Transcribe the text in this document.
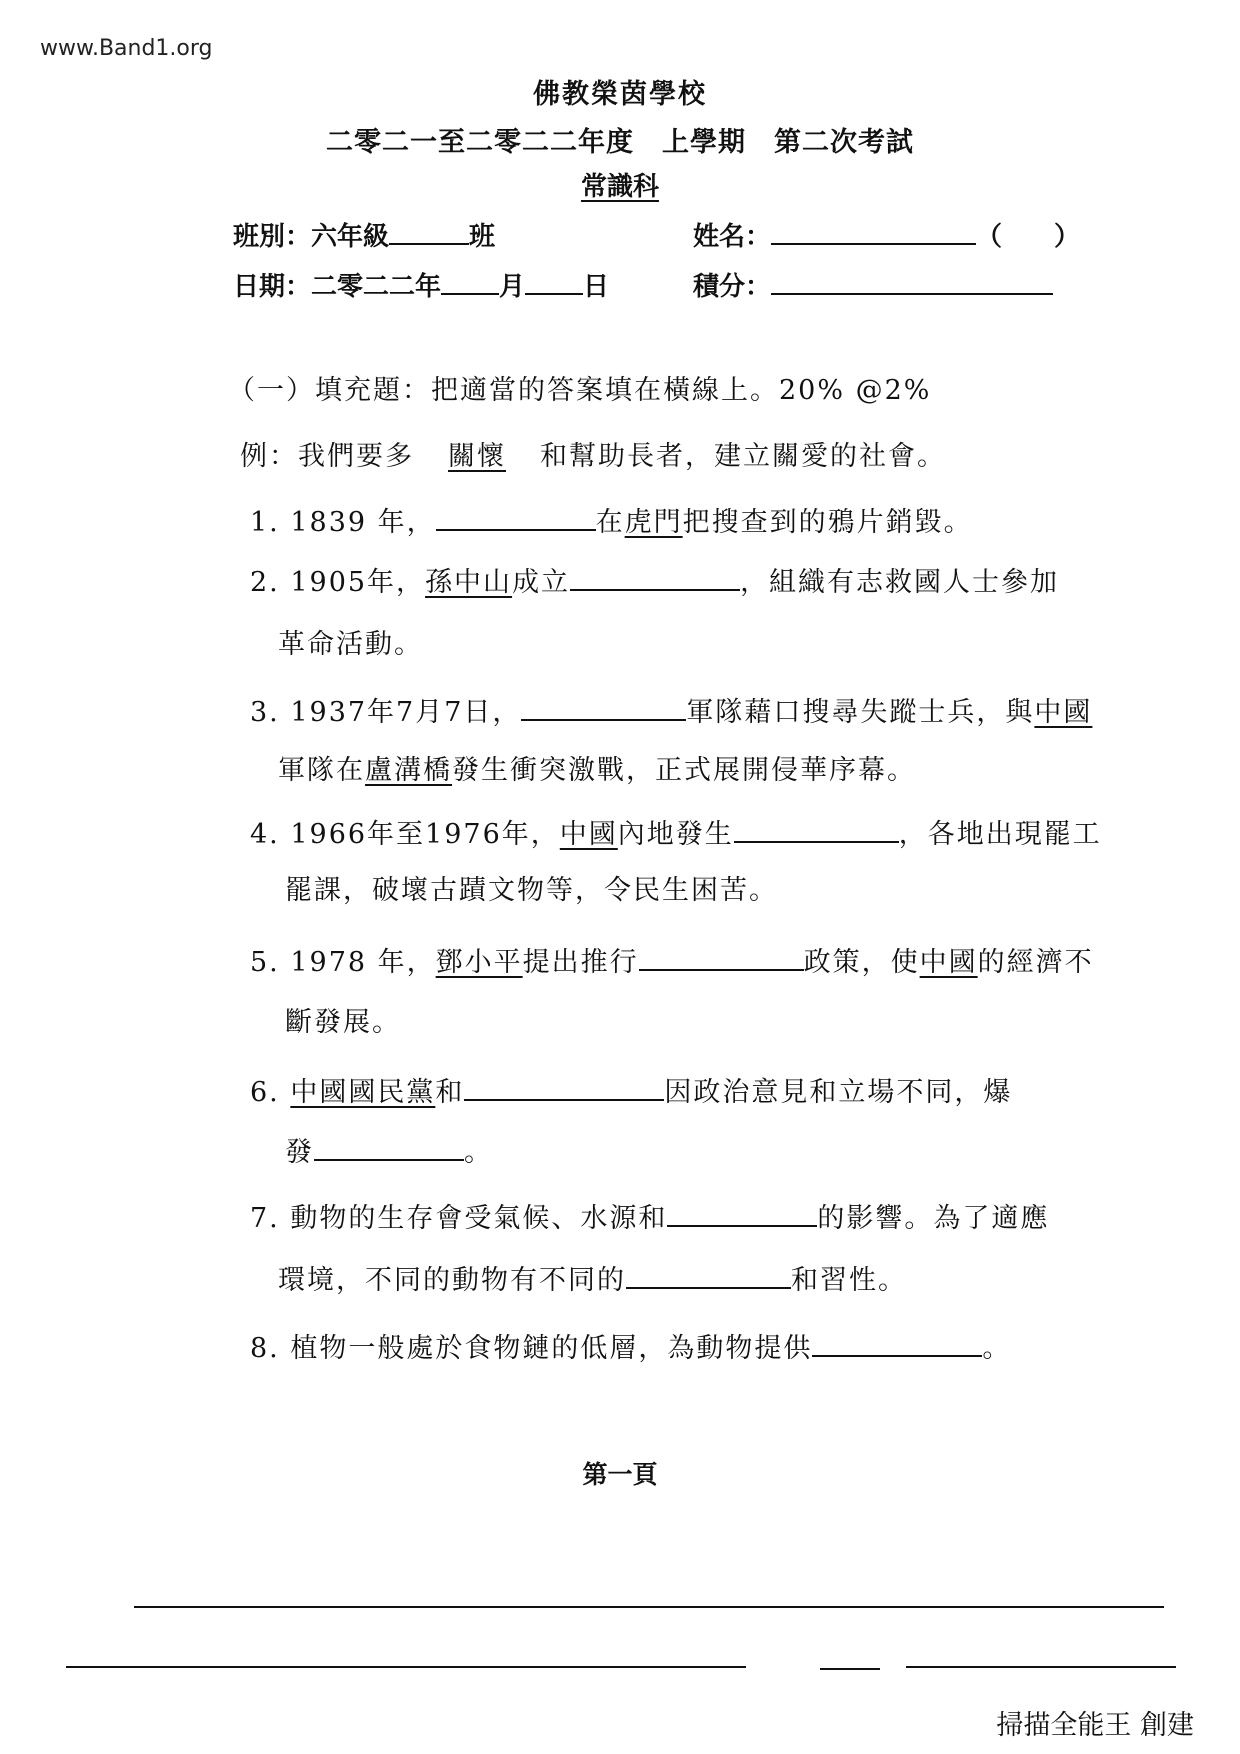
www.Band1.org
佛教榮茵學校
二零二一至二零二二年度　上學期　第二次考試
常識科
班別：六年級	班	姓名：	（　　）
日期：二零二二年 月 日	積分：
（一）填充題：把適當的答案填在橫線上。20% @2%
例：我們要多 關懷 和幫助長者，建立關愛的社會。
1. 1839 年，	在虎門把搜查到的鴉片銷毀。
2. 1905年，孫中山成立	，組織有志救國人士參加
革命活動。
3. 1937年7月7日，	軍隊藉口搜尋失蹤士兵，與中國
軍隊在盧溝橋發生衝突激戰，正式展開侵華序幕。
4. 1966年至1976年，中國內地發生	，各地出現罷工
罷課，破壞古蹟文物等，令民生困苦。
5. 1978 年，鄧小平提出推行	政策，使中國的經濟不
斷發展。
6. 中國國民黨和	因政治意見和立場不同，爆
發	。
7. 動物的生存會受氣候、水源和	的影響。為了適應
環境，不同的動物有不同的	和習性。
8. 植物一般處於食物鏈的低層，為動物提供	。
第一頁
掃描全能王 創建
